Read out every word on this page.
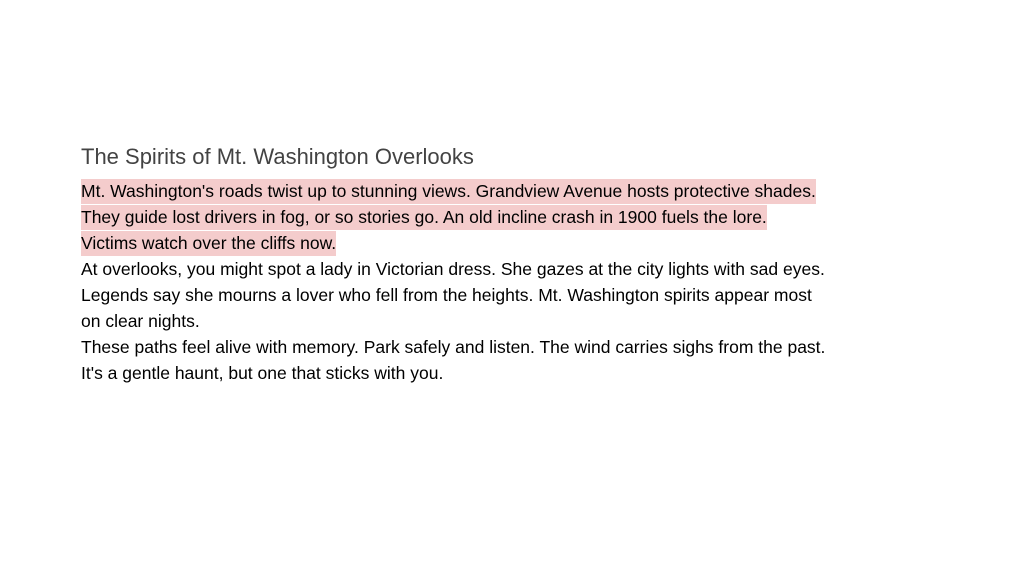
The Spirits of Mt. Washington Overlooks
Mt. Washington's roads twist up to stunning views. Grandview Avenue hosts protective shades.
They guide lost drivers in fog, or so stories go. An old incline crash in 1900 fuels the lore.
Victims watch over the cliffs now.
At overlooks, you might spot a lady in Victorian dress. She gazes at the city lights with sad eyes.
Legends say she mourns a lover who fell from the heights. Mt. Washington spirits appear most
on clear nights.
These paths feel alive with memory. Park safely and listen. The wind carries sighs from the past.
It's a gentle haunt, but one that sticks with you.
